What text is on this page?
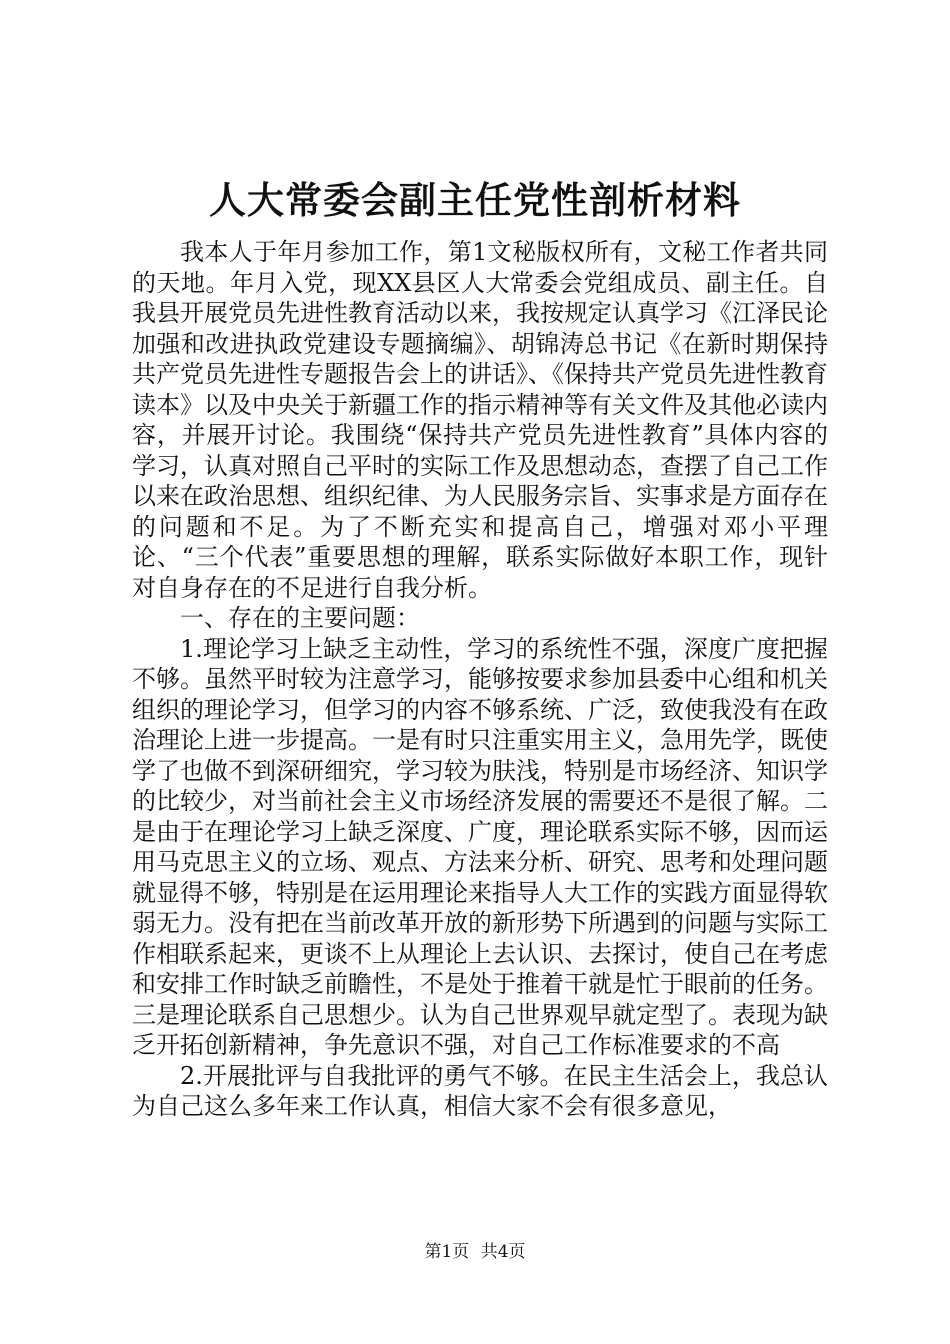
人大常委会副主任党性剖析材料

我本人于年月参加工作，第1文秘版权所有，文秘工作者共同的天地。年月入党，现XX县区人大常委会党组成员、副主任。自我县开展党员先进性教育活动以来，我按规定认真学习《江泽民论加强和改进执政党建设专题摘编》、胡锦涛总书记《在新时期保持共产党员先进性专题报告会上的讲话》、《保持共产党员先进性教育读本》以及中央关于新疆工作的指示精神等有关文件及其他必读内容，并展开讨论。我围绕“保持共产党员先进性教育”具体内容的学习，认真对照自己平时的实际工作及思想动态，查摆了自己工作以来在政治思想、组织纪律、为人民服务宗旨、实事求是方面存在的问题和不足。为了不断充实和提高自己，增强对邓小平理论、“三个代表”重要思想的理解，联系实际做好本职工作，现针对自身存在的不足进行自我分析。

一、存在的主要问题：

1.理论学习上缺乏主动性，学习的系统性不强，深度广度把握不够。虽然平时较为注意学习，能够按要求参加县委中心组和机关组织的理论学习，但学习的内容不够系统、广泛，致使我没有在政治理论上进一步提高。一是有时只注重实用主义，急用先学，既使学了也做不到深研细究，学习较为肤浅，特别是市场经济、知识学的比较少，对当前社会主义市场经济发展的需要还不是很了解。二是由于在理论学习上缺乏深度、广度，理论联系实际不够，因而运用马克思主义的立场、观点、方法来分析、研究、思考和处理问题就显得不够，特别是在运用理论来指导人大工作的实践方面显得软弱无力。没有把在当前改革开放的新形势下所遇到的问题与实际工作相联系起来，更谈不上从理论上去认识、去探讨，使自己在考虑和安排工作时缺乏前瞻性，不是处于推着干就是忙于眼前的任务。三是理论联系自己思想少。认为自己世界观早就定型了。表现为缺乏开拓创新精神，争先意识不强，对自己工作标准要求的不高

2.开展批评与自我批评的勇气不够。在民主生活会上，我总认为自己这么多年来工作认真，相信大家不会有很多意见，

第1页 共4页
